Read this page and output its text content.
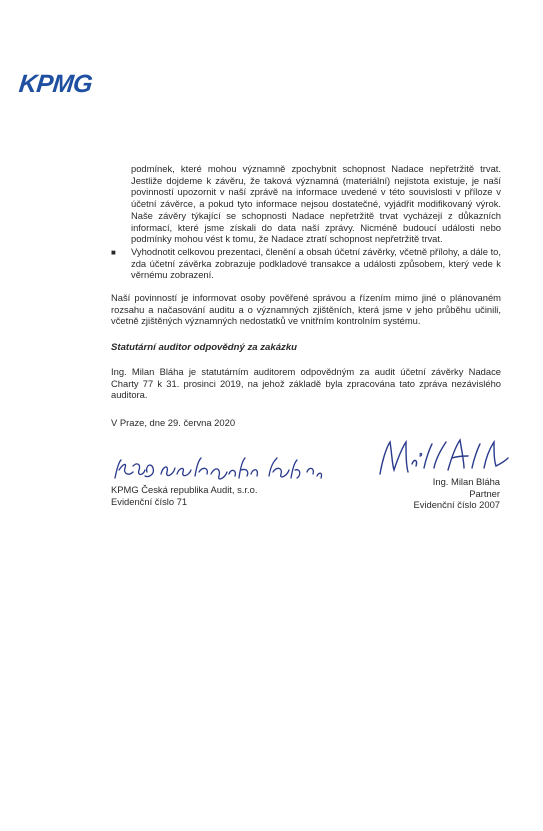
KPMG

podmínek, které mohou významně zpochybnit schopnost Nadace nepřetržitě trvat. Jestliže dojdeme k závěru, že taková významná (materiální) nejistota existuje, je naší povinností upozornit v naší zprávě na informace uvedené v této souvislosti v příloze v účetní závěrce, a pokud tyto informace nejsou dostatečné, vyjádřit modifikovaný výrok. Naše závěry týkající se schopnosti Nadace nepřetržitě trvat vycházejí z důkazních informací, které jsme získali do data naší zprávy. Nicméně budoucí události nebo podmínky mohou vést k tomu, že Nadace ztratí schopnost nepřetržitě trvat.

■	Vyhodnotit celkovou prezentaci, členění a obsah účetní závěrky, včetně přílohy, a dále to, zda účetní závěrka zobrazuje podkladové transakce a události způsobem, který vede k věrnému zobrazení.

Naší povinností je informovat osoby pověřené správou a řízením mimo jiné o plánovaném rozsahu a načasování auditu a o významných zjištěních, která jsme v jeho průběhu učinili, včetně zjištěných významných nedostatků ve vnitřním kontrolním systému.

Statutární auditor odpovědný za zakázku

Ing. Milan Bláha je statutárním auditorem odpovědným za audit účetní závěrky Nadace Charty 77 k 31. prosinci 2019, na jehož základě byla zpracována tato zpráva nezávislého auditora.

V Praze, dne 29. června 2020

KPMG Česká republika Audit, s.r.o.
Evidenční číslo 71
Ing. Milan Bláha
Partner
Evidenční číslo 2007
